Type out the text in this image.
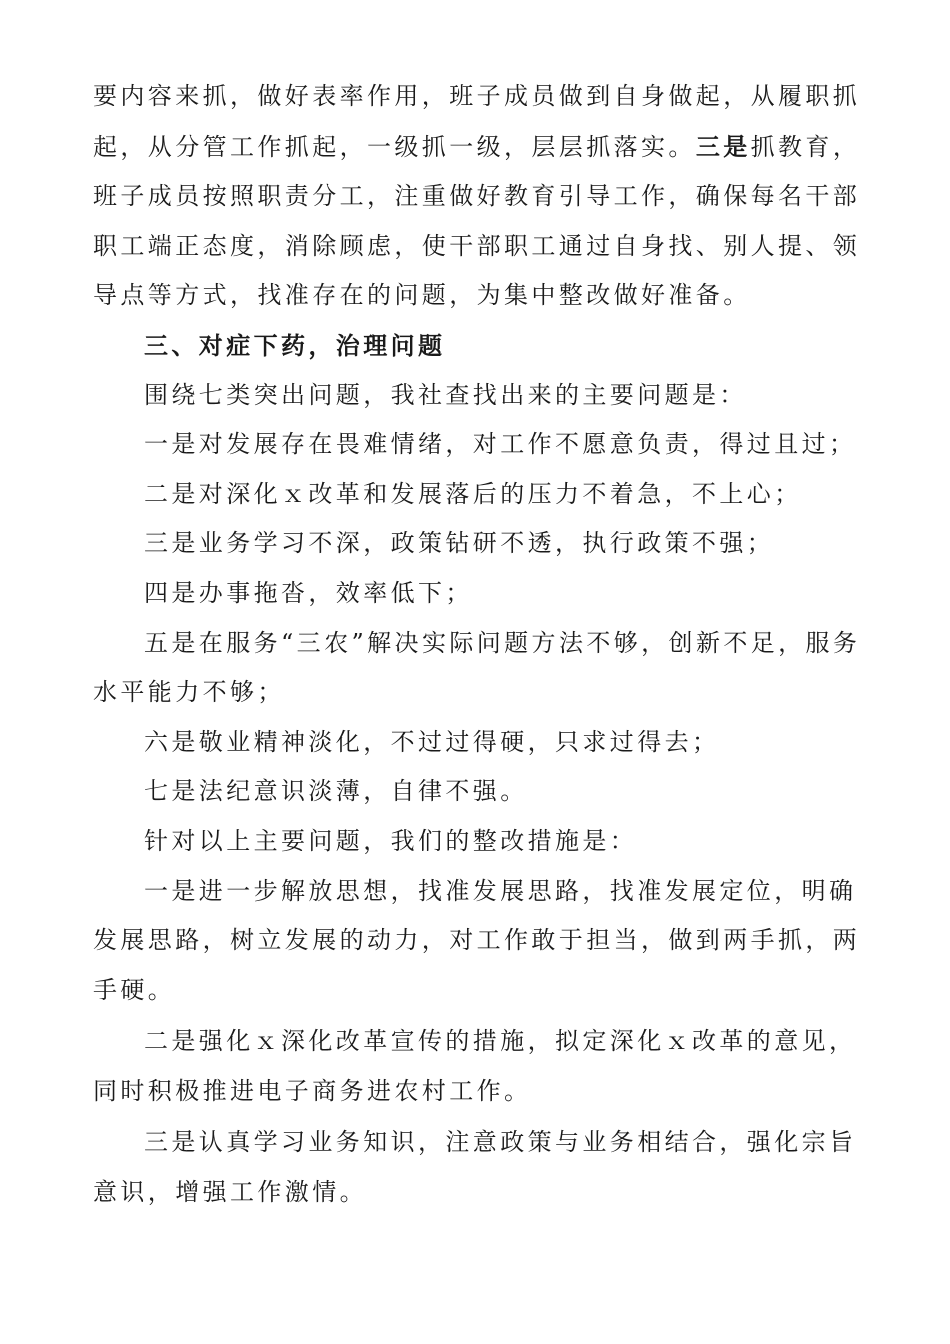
要内容来抓，做好表率作用，班子成员做到自身做起，从履职抓起，从分管工作抓起，一级抓一级，层层抓落实。三是抓教育，班子成员按照职责分工，注重做好教育引导工作，确保每名干部职工端正态度，消除顾虑，使干部职工通过自身找、别人提、领导点等方式，找准存在的问题，为集中整改做好准备。

三、对症下药，治理问题

围绕七类突出问题，我社查找出来的主要问题是：

一是对发展存在畏难情绪，对工作不愿意负责，得过且过；

二是对深化ｘ改革和发展落后的压力不着急，不上心；

三是业务学习不深，政策钻研不透，执行政策不强；

四是办事拖沓，效率低下；

五是在服务“三农”解决实际问题方法不够，创新不足，服务水平能力不够；

六是敬业精神淡化，不过过得硬，只求过得去；

七是法纪意识淡薄，自律不强。

针对以上主要问题，我们的整改措施是：

一是进一步解放思想，找准发展思路，找准发展定位，明确发展思路，树立发展的动力，对工作敢于担当，做到两手抓，两手硬。

二是强化ｘ深化改革宣传的措施，拟定深化ｘ改革的意见，同时积极推进电子商务进农村工作。

三是认真学习业务知识，注意政策与业务相结合，强化宗旨意识，增强工作激情。
